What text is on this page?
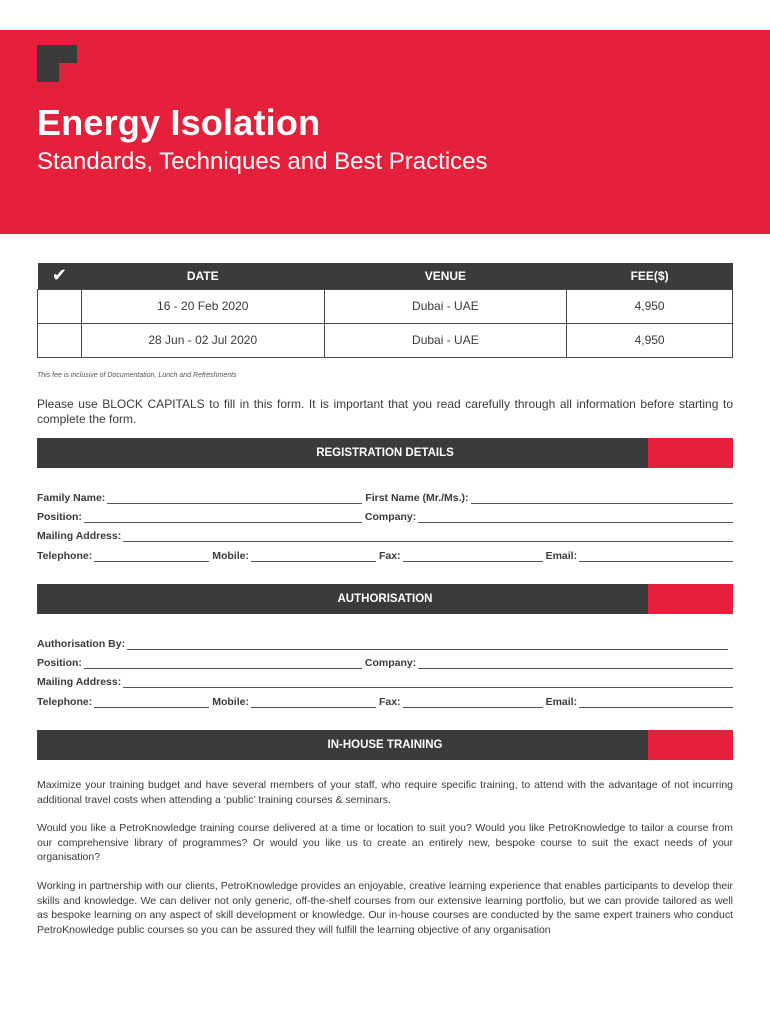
Energy Isolation
Standards, Techniques and Best Practices
✔	DATE	VENUE	FEE($)
	16 - 20 Feb 2020	Dubai - UAE	4,950
	28 Jun - 02 Jul 2020	Dubai - UAE	4,950
This fee is inclusive of Documentation, Lunch and Refreshments
Please use BLOCK CAPITALS to fill in this form. It is important that you read carefully through all information before starting to complete the form.
REGISTRATION DETAILS
Family Name:	First Name (Mr./Ms.):
Position:	Company:
Mailing Address:
Telephone:	Mobile:	Fax:	Email:
AUTHORISATION
Authorisation By:
Position:	Company:
Mailing Address:
Telephone:	Mobile:	Fax:	Email:
IN-HOUSE TRAINING
Maximize your training budget and have several members of your staff, who require specific training, to attend with the advantage of not incurring additional travel costs when attending a ‘public’ training courses & seminars.
Would you like a PetroKnowledge training course delivered at a time or location to suit you? Would you like PetroKnowledge to tailor a course from our comprehensive library of programmes? Or would you like us to create an entirely new, bespoke course to suit the exact needs of your organisation?
Working in partnership with our clients, PetroKnowledge provides an enjoyable, creative learning experience that enables participants to develop their skills and knowledge. We can deliver not only generic, off-the-shelf courses from our extensive learning portfolio, but we can provide tailored as well as bespoke learning on any aspect of skill development or knowledge. Our in-house courses are conducted by the same expert trainers who conduct PetroKnowledge public courses so you can be assured they will fulfill the learning objective of any organisation
